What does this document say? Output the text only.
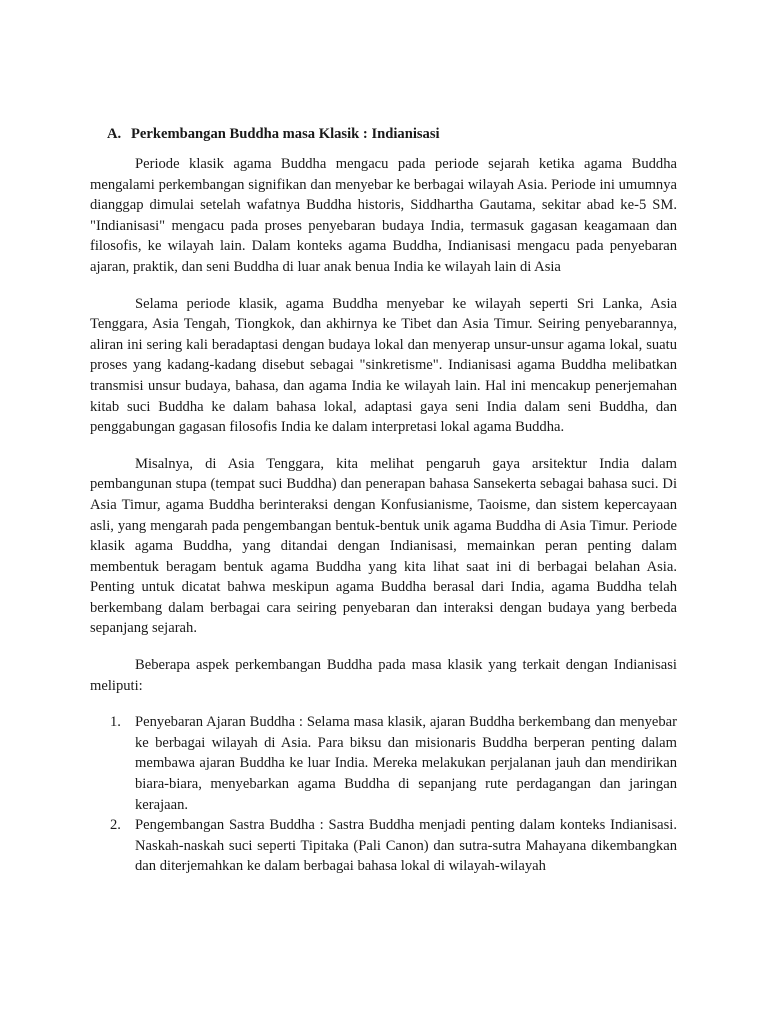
A. Perkembangan Buddha masa Klasik : Indianisasi

Periode klasik agama Buddha mengacu pada periode sejarah ketika agama Buddha mengalami perkembangan signifikan dan menyebar ke berbagai wilayah Asia. Periode ini umumnya dianggap dimulai setelah wafatnya Buddha historis, Siddhartha Gautama, sekitar abad ke-5 SM. "Indianisasi" mengacu pada proses penyebaran budaya India, termasuk gagasan keagamaan dan filosofis, ke wilayah lain. Dalam konteks agama Buddha, Indianisasi mengacu pada penyebaran ajaran, praktik, dan seni Buddha di luar anak benua India ke wilayah lain di Asia

Selama periode klasik, agama Buddha menyebar ke wilayah seperti Sri Lanka, Asia Tenggara, Asia Tengah, Tiongkok, dan akhirnya ke Tibet dan Asia Timur. Seiring penyebarannya, aliran ini sering kali beradaptasi dengan budaya lokal dan menyerap unsur-unsur agama lokal, suatu proses yang kadang-kadang disebut sebagai "sinkretisme". Indianisasi agama Buddha melibatkan transmisi unsur budaya, bahasa, dan agama India ke wilayah lain. Hal ini mencakup penerjemahan kitab suci Buddha ke dalam bahasa lokal, adaptasi gaya seni India dalam seni Buddha, dan penggabungan gagasan filosofis India ke dalam interpretasi lokal agama Buddha.

Misalnya, di Asia Tenggara, kita melihat pengaruh gaya arsitektur India dalam pembangunan stupa (tempat suci Buddha) dan penerapan bahasa Sansekerta sebagai bahasa suci. Di Asia Timur, agama Buddha berinteraksi dengan Konfusianisme, Taoisme, dan sistem kepercayaan asli, yang mengarah pada pengembangan bentuk-bentuk unik agama Buddha di Asia Timur. Periode klasik agama Buddha, yang ditandai dengan Indianisasi, memainkan peran penting dalam membentuk beragam bentuk agama Buddha yang kita lihat saat ini di berbagai belahan Asia. Penting untuk dicatat bahwa meskipun agama Buddha berasal dari India, agama Buddha telah berkembang dalam berbagai cara seiring penyebaran dan interaksi dengan budaya yang berbeda sepanjang sejarah.

Beberapa aspek perkembangan Buddha pada masa klasik yang terkait dengan Indianisasi meliputi:

1. Penyebaran Ajaran Buddha : Selama masa klasik, ajaran Buddha berkembang dan menyebar ke berbagai wilayah di Asia. Para biksu dan misionaris Buddha berperan penting dalam membawa ajaran Buddha ke luar India. Mereka melakukan perjalanan jauh dan mendirikan biara-biara, menyebarkan agama Buddha di sepanjang rute perdagangan dan jaringan kerajaan.
2. Pengembangan Sastra Buddha : Sastra Buddha menjadi penting dalam konteks Indianisasi. Naskah-naskah suci seperti Tipitaka (Pali Canon) dan sutra-sutra Mahayana dikembangkan dan diterjemahkan ke dalam berbagai bahasa lokal di wilayah-wilayah
